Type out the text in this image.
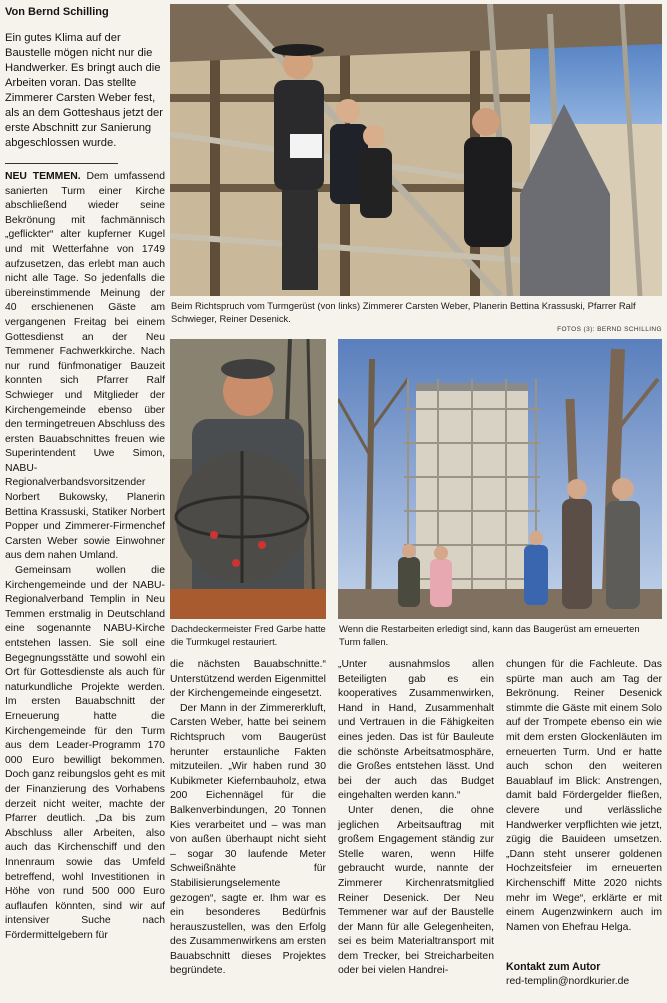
Von Bernd Schilling
Ein gutes Klima auf der Baustelle mögen nicht nur die Handwerker. Es bringt auch die Arbeiten voran. Das stellte Zimmerer Carsten Weber fest, als an dem Gotteshaus jetzt der erste Abschnitt zur Sanierung abgeschlossen wurde.

NEU TEMMEN. Dem umfassend sanierten Turm einer Kirche abschließend wieder seine Bekrönung mit fachmännisch „geflickter“ alter kupferner Kugel und mit Wetterfahne von 1749 aufzusetzen, das erlebt man auch nicht alle Tage. So jedenfalls die übereinstimmende Meinung der 40 erschienenen Gäste am vergangenen Freitag bei einem Gottesdienst an der Neu Temmener Fachwerkkirche. Nach nur rund fünfmonatiger Bauzeit konnten sich Pfarrer Ralf Schwieger und Mitglieder der Kirchengemeinde ebenso über den termingetreuen Abschluss des ersten Bauabschnittes freuen wie Superintendent Uwe Simon, NABU-Regionalverbandsvorsitzender Norbert Bukowsky, Planerin Bettina Krassuski, Statiker Norbert Popper und Zimmerer-Firmenchef Carsten Weber sowie Einwohner aus dem nahen Umland.

Gemeinsam wollen die Kirchengemeinde und der NABU-Regionalverband Templin in Neu Temmen erstmalig in Deutschland eine sogenannte NABU-Kirche entstehen lassen. Sie soll eine Begegnungsstätte und sowohl ein Ort für Gottesdienste als auch für naturkundliche Projekte werden. Im ersten Bauabschnitt der Erneuerung hatte die Kirchengemeinde für den Turm aus dem Leader-Programm 170 000 Euro bewilligt bekommen. Doch ganz reibungslos geht es mit der Finanzierung des Vorhabens derzeit nicht weiter, machte der Pfarrer deutlich. „Da bis zum Abschluss aller Arbeiten, also auch das Kirchenschiff und den Innenraum sowie das Umfeld betreffend, wohl Investitionen in Höhe von rund 500 000 Euro auflaufen könnten, sind wir auf intensiver Suche nach Fördermittelgebern für

Beim Richtspruch vom Turmgerüst (von links) Zimmerer Carsten Weber, Planerin Bettina Krassuski, Pfarrer Ralf Schwieger, Reiner Desenick.
FOTOS (3): BERND SCHILLING
Dachdeckermeister Fred Garbe hatte die Turmkugel restauriert.
Wenn die Restarbeiten erledigt sind, kann das Baugerüst am erneuerten Turm fallen.

die nächsten Bauabschnitte.“ Unterstützend werden Eigenmittel der Kirchengemeinde eingesetzt.

Der Mann in der Zimmererkluft, Carsten Weber, hatte bei seinem Richtspruch vom Baugerüst herunter erstaunliche Fakten mitzuteilen. „Wir haben rund 30 Kubikmeter Kiefernbauholz, etwa 200 Eichennägel für die Balkenverbindungen, 20 Tonnen Kies verarbeitet und – was man von außen überhaupt nicht sieht – sogar 30 laufende Meter Schweißnähte für Stabilisierungselemente gezogen“, sagte er. Ihm war es ein besonderes Bedürfnis herauszustellen, was den Erfolg des Zusammenwirkens am ersten Bauabschnitt dieses Projektes begründete.

„Unter ausnahmslos allen Beteiligten gab es ein kooperatives Zusammenwirken, Hand in Hand, Zusammenhalt und Vertrauen in die Fähigkeiten eines jeden. Das ist für Bauleute die schönste Arbeitsatmosphäre, die Großes entstehen lässt. Und bei der auch das Budget eingehalten werden kann.“

Unter denen, die ohne jeglichen Arbeitsauftrag mit großem Engagement ständig zur Stelle waren, wenn Hilfe gebraucht wurde, nannte der Zimmerer Kirchenratsmitglied Reiner Desenick. Der Neu Temmener war auf der Baustelle der Mann für alle Gelegenheiten, sei es beim Materialtransport mit dem Trecker, bei Streicharbeiten oder bei vielen Handrei-

chungen für die Fachleute. Das spürte man auch am Tag der Bekrönung. Reiner Desenick stimmte die Gäste mit einem Solo auf der Trompete ebenso ein wie mit dem ersten Glockenläuten im erneuerten Turm. Und er hatte auch schon den weiteren Bauablauf im Blick: Anstrengen, damit bald Fördergelder fließen, clevere und verlässliche Handwerker verpflichten wie jetzt, zügig die Bauideen umsetzen. „Dann steht unserer goldenen Hochzeitsfeier im erneuerten Kirchenschiff Mitte 2020 nichts mehr im Wege“, erklärte er mit einem Augenzwinkern auch im Namen von Ehefrau Helga.

Kontakt zum Autor
red-templin@nordkurier.de
